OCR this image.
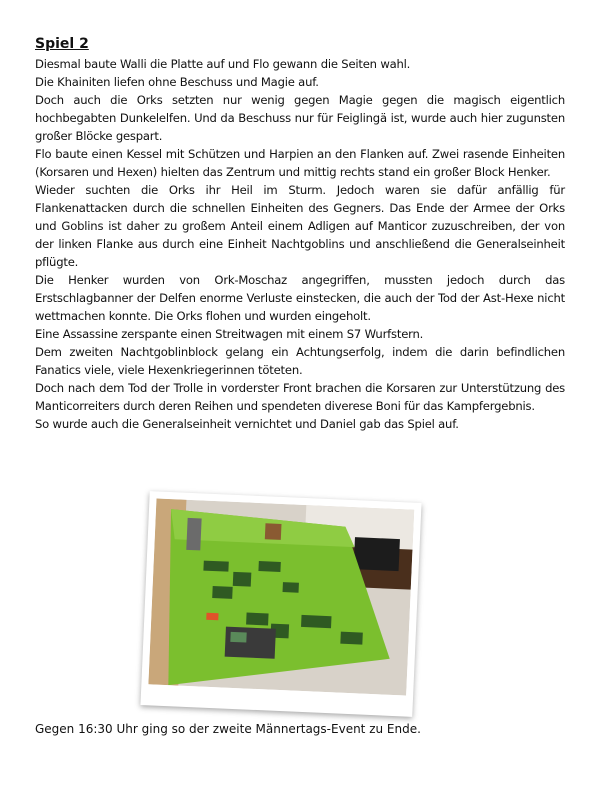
Spiel 2

Diesmal baute Walli die Platte auf und Flo gewann die Seiten wahl.

Die Khainiten liefen ohne Beschuss und Magie auf.

Doch auch die Orks setzten nur wenig gegen Magie gegen die magisch eigentlich hochbegabten Dunkelelfen. Und da Beschuss nur für Feiglingä ist, wurde auch hier zugunsten großer Blöcke gespart.

Flo baute einen Kessel mit Schützen und Harpien an den Flanken auf. Zwei rasende Einheiten (Korsaren und Hexen) hielten das Zentrum und mittig rechts stand ein großer Block Henker.

Wieder suchten die Orks ihr Heil im Sturm. Jedoch waren sie dafür anfällig für Flankenattacken durch die schnellen Einheiten des Gegners. Das Ende der Armee der Orks und Goblins ist daher zu großem Anteil einem Adligen auf Manticor zuzuschreiben, der von der linken Flanke aus durch eine Einheit Nachtgoblins und anschließend die Generalseinheit pflügte.

Die Henker wurden von Ork-Moschaz angegriffen, mussten jedoch durch das Erstschlagbanner der Delfen enorme Verluste einstecken, die auch der Tod der Ast-Hexe nicht wettmachen konnte. Die Orks flohen und wurden eingeholt.

Eine Assassine zerspante einen Streitwagen mit einem S7 Wurfstern.

Dem zweiten Nachtgoblinblock gelang ein Achtungserfolg, indem die darin befindlichen Fanatics viele, viele Hexenkriegerinnen töteten.

Doch nach dem Tod der Trolle in vorderster Front brachen die Korsaren zur Unterstützung des Manticorreiters durch deren Reihen und spendeten diverese Boni für das Kampfergebnis.

So wurde auch die Generalseinheit vernichtet und Daniel gab das Spiel auf.

Gegen 16:30 Uhr ging so der zweite Männertags-Event zu Ende.
